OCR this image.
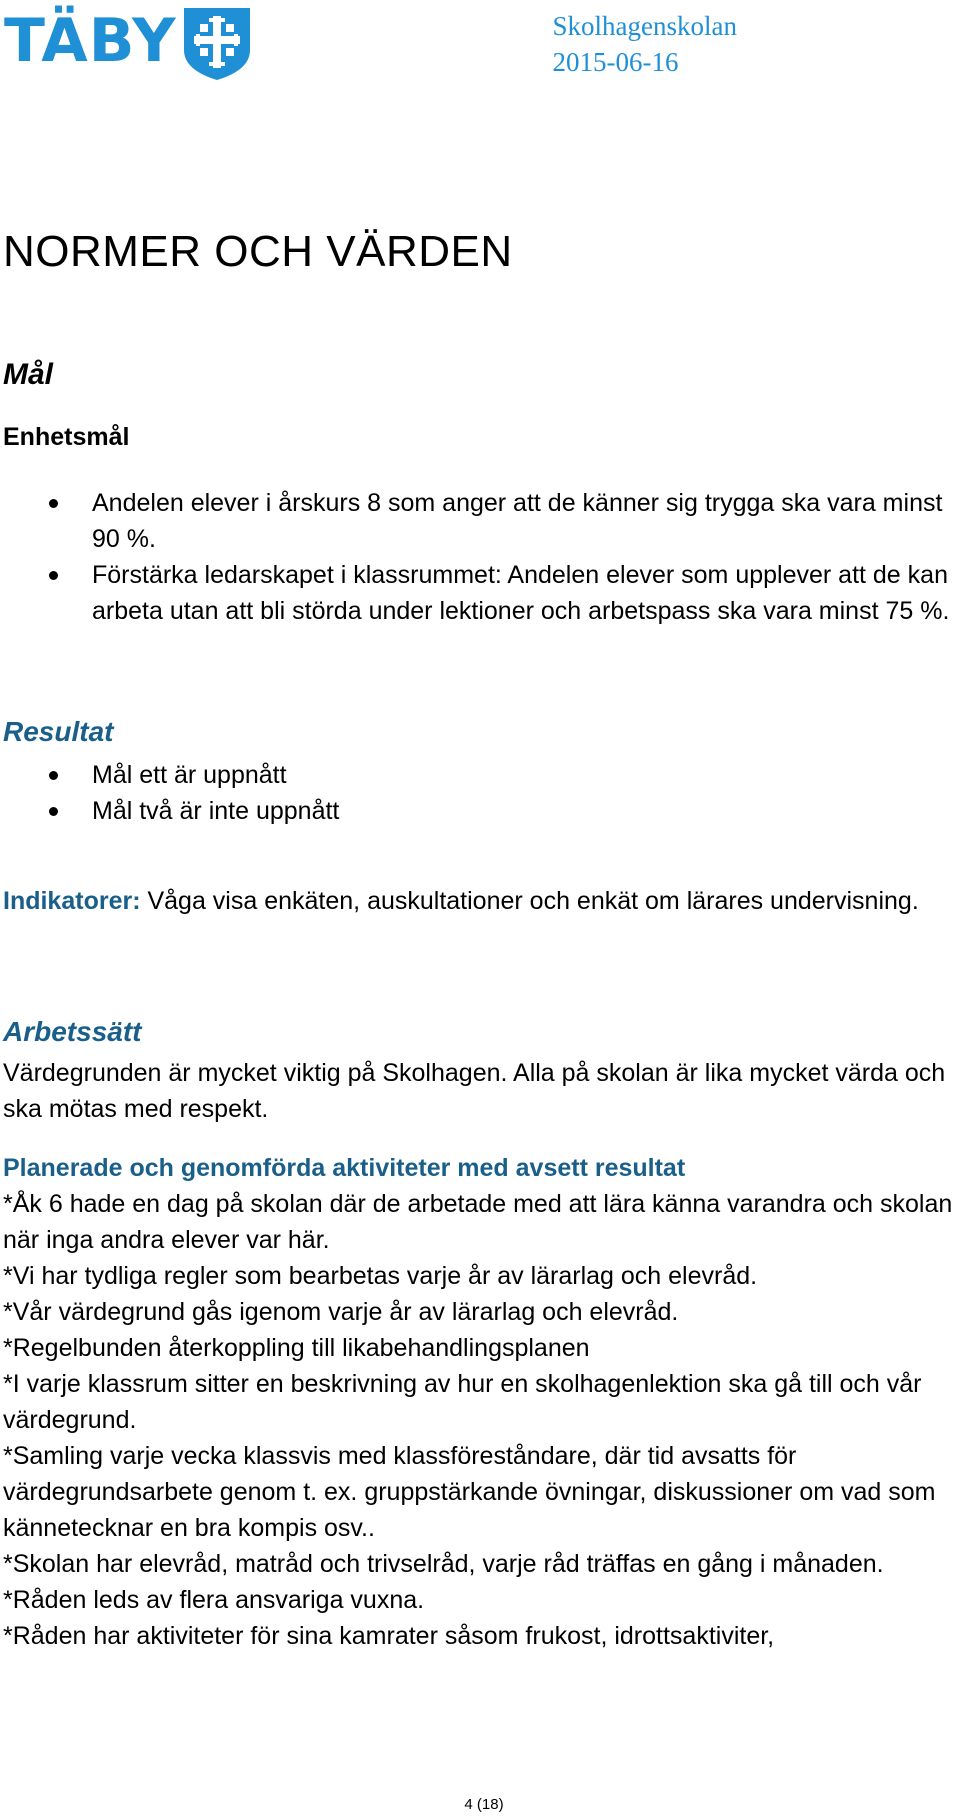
TÄBY	Skolhagenskolan
2015-06-16
NORMER OCH VÄRDEN
Mål
Enhetsmål
Andelen elever i årskurs 8 som anger att de känner sig trygga ska vara minst 90 %.
Förstärka ledarskapet i klassrummet: Andelen elever som upplever att de kan arbeta utan att bli störda under lektioner och arbetspass ska vara minst 75 %.
Resultat
Mål ett är uppnått
Mål två är inte uppnått

Indikatorer: Våga visa enkäten, auskultationer och enkät om lärares undervisning.

Arbetssätt

Värdegrunden är mycket viktig på Skolhagen. Alla på skolan är lika mycket värda och ska mötas med respekt.

Planerade och genomförda aktiviteter med avsett resultat
*Åk 6 hade en dag på skolan där de arbetade med att lära känna varandra och skolan när inga andra elever var här.
*Vi har tydliga regler som bearbetas varje år av lärarlag och elevråd.
*Vår värdegrund gås igenom varje år av lärarlag och elevråd.
*Regelbunden återkoppling till likabehandlingsplanen
*I varje klassrum sitter en beskrivning av hur en skolhagenlektion ska gå till och vår värdegrund.
*Samling varje vecka klassvis med klassföreståndare, där tid avsatts för värdegrundsarbete genom t. ex. gruppstärkande övningar, diskussioner om vad som kännetecknar en bra kompis osv..
*Skolan har elevråd, matråd och trivselråd, varje råd träffas en gång i månaden.
*Råden leds av flera ansvariga vuxna.
*Råden har aktiviteter för sina kamrater såsom frukost, idrottsaktiviter,
4 (18)
